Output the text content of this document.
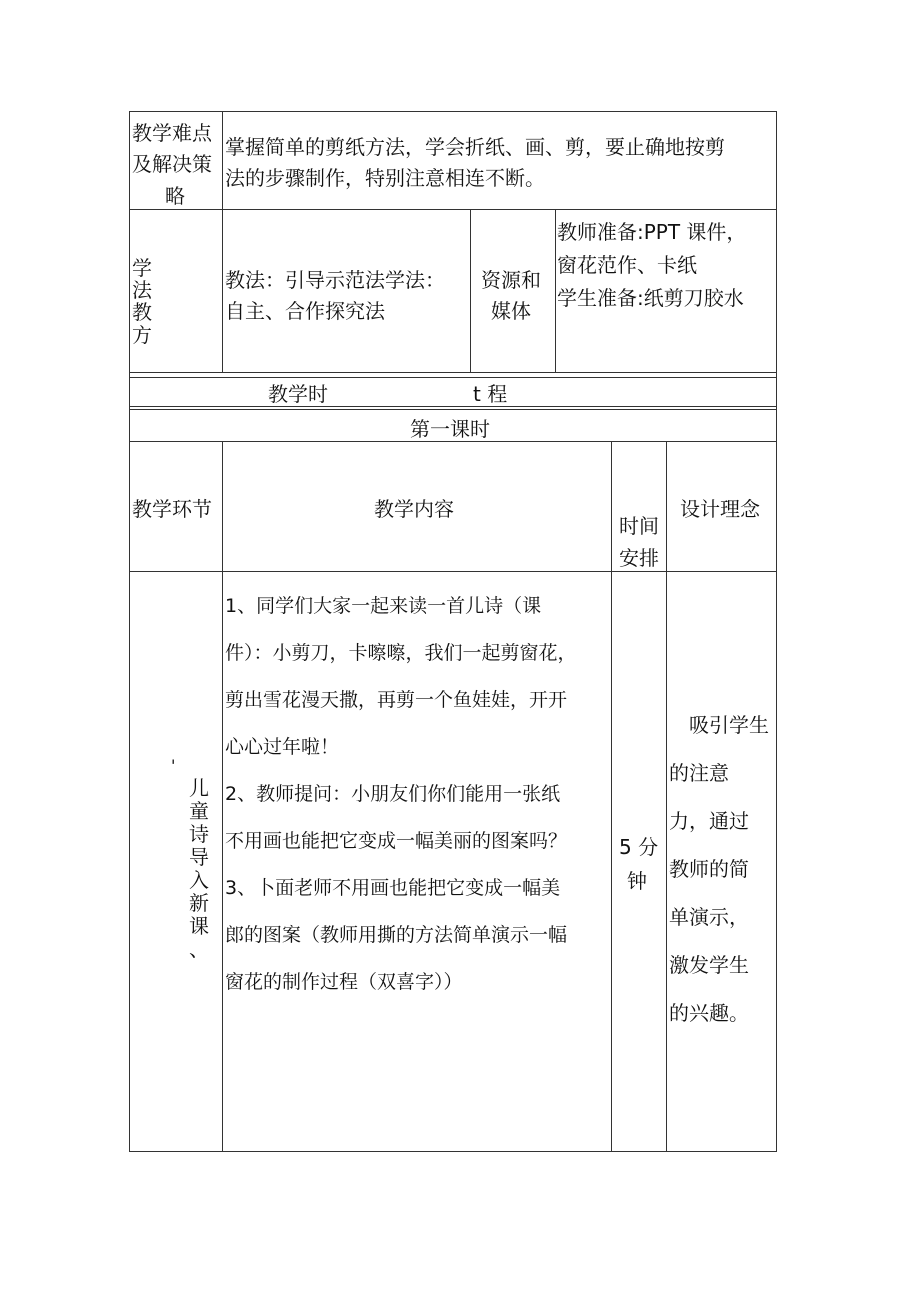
教学难点
及解决策
略
掌握简单的剪纸方法，学会折纸、画、剪，要止确地按剪
法的步骤制作，特别注意相连不断。
学
法
教
方
教法：引导示范法学法：
自主、合作探究法
资源和
媒体
教师准备:PPT 课件，
窗花范作、卡纸
学生准备:纸剪刀胶水
教学时	t 程
第一课时
教学环节	教学内容
时间
安排
设计理念
'
儿
童
诗
导
入
新
课
、
1、同学们大家一起来读一首儿诗（课
件）：小剪刀，卡嚓嚓，我们一起剪窗花，
剪出雪花漫天撒，再剪一个鱼娃娃，开开
心心过年啦！
2、教师提问：小朋友们你们能用一张纸
不用画也能把它变成一幅美丽的图案吗？
3、卜面老师不用画也能把它变成一幅美
郎的图案（教师用撕的方法简单演示一幅
窗花的制作过程（双喜字））
5 分
钟
吸引学生
的注意
力，通过
教师的简
单演示，
激发学生
的兴趣。
